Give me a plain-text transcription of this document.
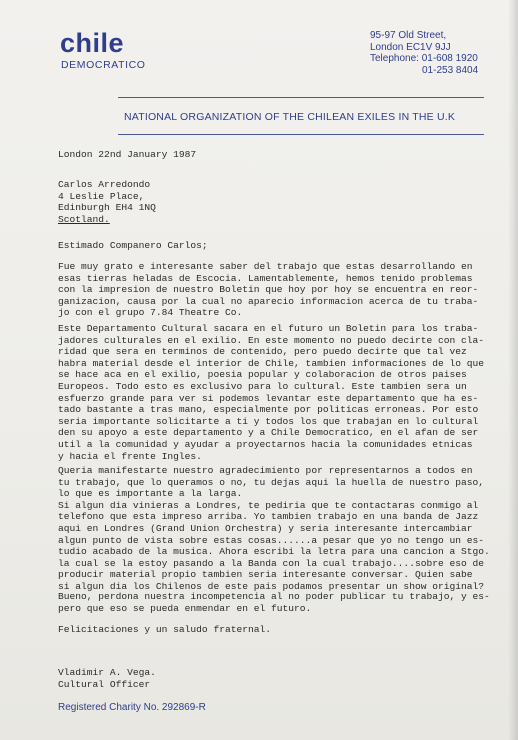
chile
DEMOCRATICO
95-97 Old Street,
London EC1V 9JJ
Telephone: 01-608 1920
01-253 8404
NATIONAL ORGANIZATION OF THE CHILEAN EXILES IN THE U.K
London 22nd January 1987
Carlos Arredondo
4 Leslie Place,
Edinburgh EH4 1NQ
Scotland.
Estimado Companero Carlos;
Fue muy grato e interesante saber del trabajo que estas desarrollando en
esas tierras heladas de Escocia. Lamentablemente, hemos tenido problemas
con la impresion de nuestro Boletin que hoy por hoy se encuentra en reor-
ganizacion, causa por la cual no aparecio informacion acerca de tu traba-
jo con el grupo 7.84 Theatre Co.
Este Departamento Cultural sacara en el futuro un Boletin para los traba-
jadores culturales en el exilio. En este momento no puedo decirte con cla-
ridad que sera en terminos de contenido, pero puedo decirte que tal vez
habra material desde el interior de Chile, tambien informaciones de lo que
se hace aca en el exilio, poesia popular y colaboracion de otros paises
Europeos. Todo esto es exclusivo para lo cultural. Este tambien sera un
esfuerzo grande para ver si podemos levantar este departamento que ha es-
tado bastante a tras mano, especialmente por politicas erroneas. Por esto
seria importante solicitarte a ti y todos los que trabajan en lo cultural
den su apoyo a este departamento y a Chile Democratico, en el afan de ser
util a la comunidad y ayudar a proyectarnos hacia la comunidades etnicas
y hacia el frente Ingles.
Queria manifestarte nuestro agradecimiento por representarnos a todos en
tu trabajo, que lo queramos o no, tu dejas aqui la huella de nuestro paso,
lo que es importante a la larga.
Si algun dia vinieras a Londres, te pediria que te contactaras conmigo al
telefono que esta impreso arriba. Yo tambien trabajo en una banda de Jazz
aqui en Londres (Grand Union Orchestra) y seria interesante intercambiar
algun punto de vista sobre estas cosas......a pesar que yo no tengo un es-
tudio acabado de la musica. Ahora escribi la letra para una cancion a Stgo.
la cual se la estoy pasando a la Banda con la cual trabajo....sobre eso de
producir material propio tambien seria interesante conversar. Quien sabe
si algun dia los Chilenos de este pais podamos presentar un show original?
Bueno, perdona nuestra incompetencia al no poder publicar tu trabajo, y es-
pero que eso se pueda enmendar en el futuro.
Felicitaciones y un saludo fraternal.
Vladimir A. Vega.
Cultural Officer
Registered Charity No. 292869-R
